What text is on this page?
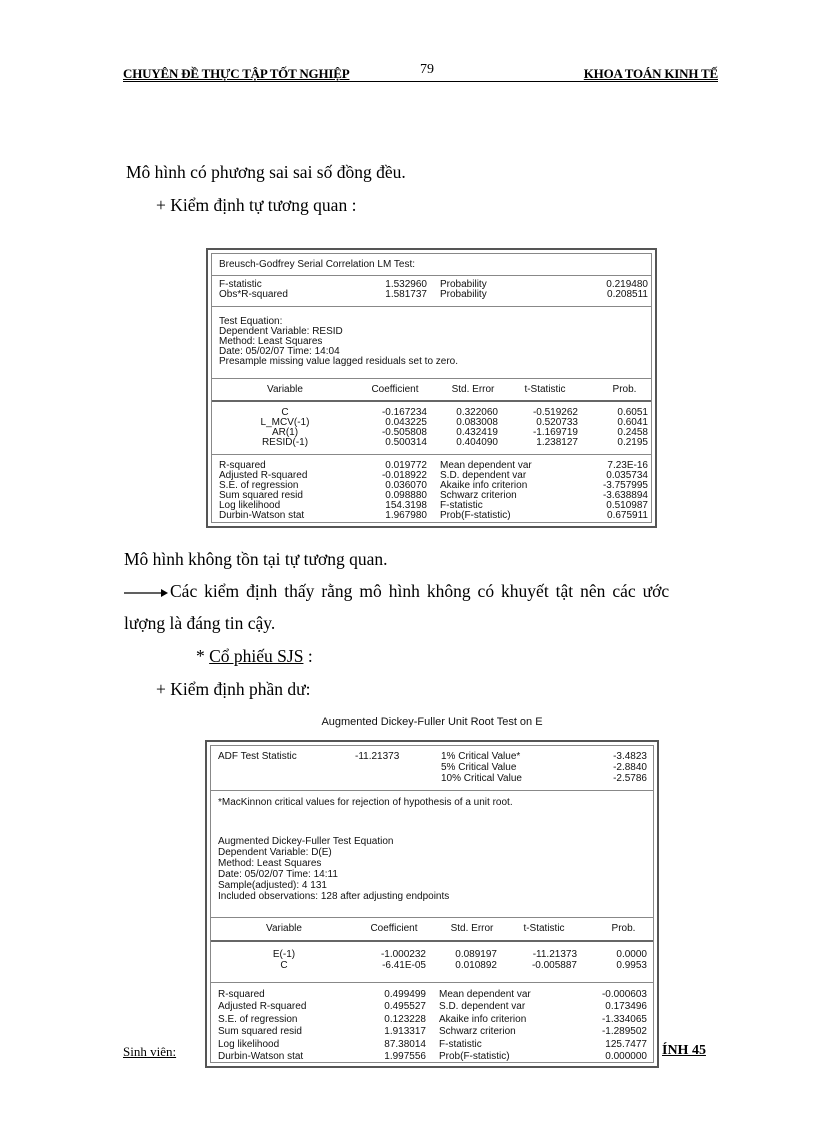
CHUYÊN ĐỀ THỰC TẬP TỐT NGHIỆP	79	KHOA TOÁN KINH TẾ
Mô hình có phương sai sai số đồng đều.
+ Kiểm định tự tương quan :
Breusch-Godfrey Serial Correlation LM Test:
F-statistic	1.532960 Probability	0.219480
Obs*R-squared	1.581737 Probability	0.208511
Test Equation:
Dependent Variable: RESID
Method: Least Squares
Date: 05/02/07 Time: 14:04
Presample missing value lagged residuals set to zero.
Variable	Coefficient	Std. Error	t-Statistic	Prob.
C	-0.167234	0.322060	-0.519262	0.6051
L_MCV(-1)	0.043225	0.083008	0.520733	0.6041
AR(1)	-0.505808	0.432419	-1.169719	0.2458
RESID(-1)	0.500314	0.404090	1.238127	0.2195
R-squared	0.019772 Mean dependent var	7.23E-16
Adjusted R-squared	-0.018922 S.D. dependent var	0.035734
S.E. of regression	0.036070 Akaike info criterion	-3.757995
Sum squared resid	0.098880 Schwarz criterion	-3.638894
Log likelihood	154.3198 F-statistic	0.510987
Durbin-Watson stat	1.967980 Prob(F-statistic)	0.675911
Mô hình không tồn tại tự tương quan.
Các kiểm định thấy rằng mô hình không có khuyết tật nên các ước
lượng là đáng tin cậy.
* Cổ phiếu SJS :
+ Kiểm định phần dư:
Augmented Dickey-Fuller Unit Root Test on E
ADF Test Statistic	-11.21373	1% Critical Value*	-3.4823
5% Critical Value	-2.8840
10% Critical Value	-2.5786
*MacKinnon critical values for rejection of hypothesis of a unit root.
Augmented Dickey-Fuller Test Equation
Dependent Variable: D(E)
Method: Least Squares
Date: 05/02/07 Time: 14:11
Sample(adjusted): 4 131
Included observations: 128 after adjusting endpoints
Variable	Coefficient	Std. Error	t-Statistic	Prob.
E(-1)	-1.000232	0.089197	-11.21373	0.0000
C	-6.41E-05	0.010892	-0.005887	0.9953
R-squared	0.499499 Mean dependent var	-0.000603
Adjusted R-squared	0.495527 S.D. dependent var	0.173496
S.E. of regression	0.123228 Akaike info criterion	-1.334065
Sum squared resid	1.913317 Schwarz criterion	-1.289502
Log likelihood	87.38014 F-statistic	125.7477
Durbin-Watson stat	1.997556 Prob(F-statistic)	0.000000
Sinh viên:	ÍNH 45
